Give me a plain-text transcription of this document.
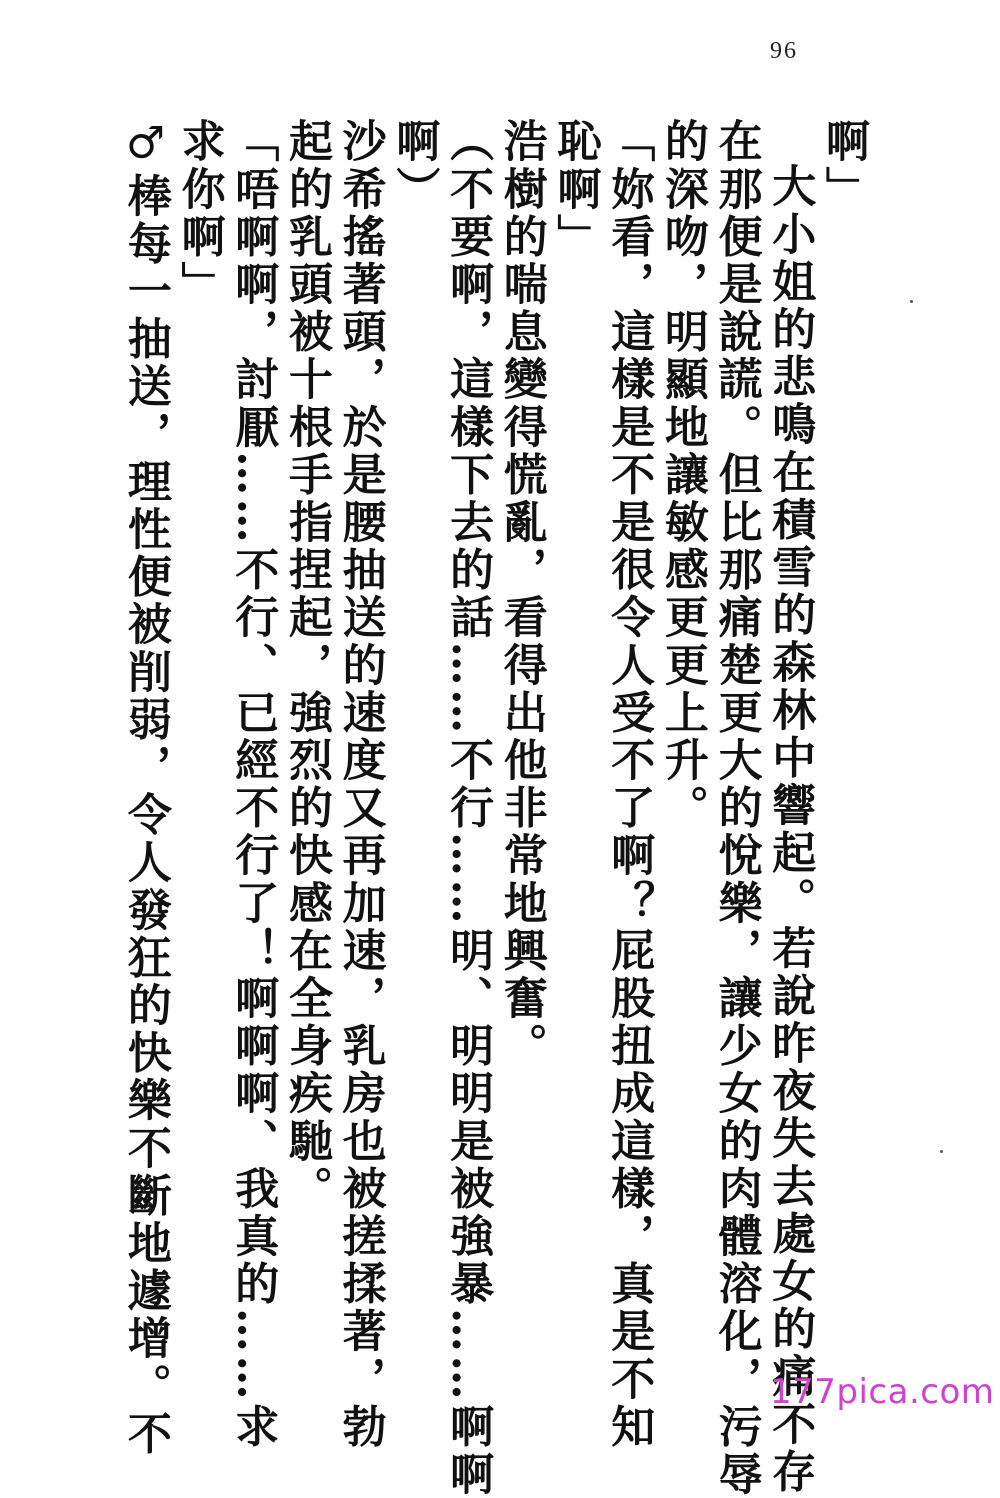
96
啊」
大小姐的悲鳴在積雪的森林中響起。若說昨夜失去處女的痛不存
在那便是說謊。但比那痛楚更大的悅樂，讓少女的肉體溶化，污辱
的深吻，明顯地讓敏感更更上升。
「妳看，這樣是不是很令人受不了啊？屁股扭成這樣，真是不知
恥啊」
浩樹的喘息變得慌亂，看得出他非常地興奮。
（不要啊，這樣下去的話……不行……明、明明是被強暴……啊啊
啊）
沙希搖著頭，於是腰抽送的速度又再加速，乳房也被搓揉著，勃
起的乳頭被十根手指捏起，強烈的快感在全身疾馳。
「唔啊啊，討厭……不行、已經不行了！啊啊啊、我真的……求
求你啊」
♂棒每一抽送，理性便被削弱，令人發狂的快樂不斷地遽增。不	177pica.com
